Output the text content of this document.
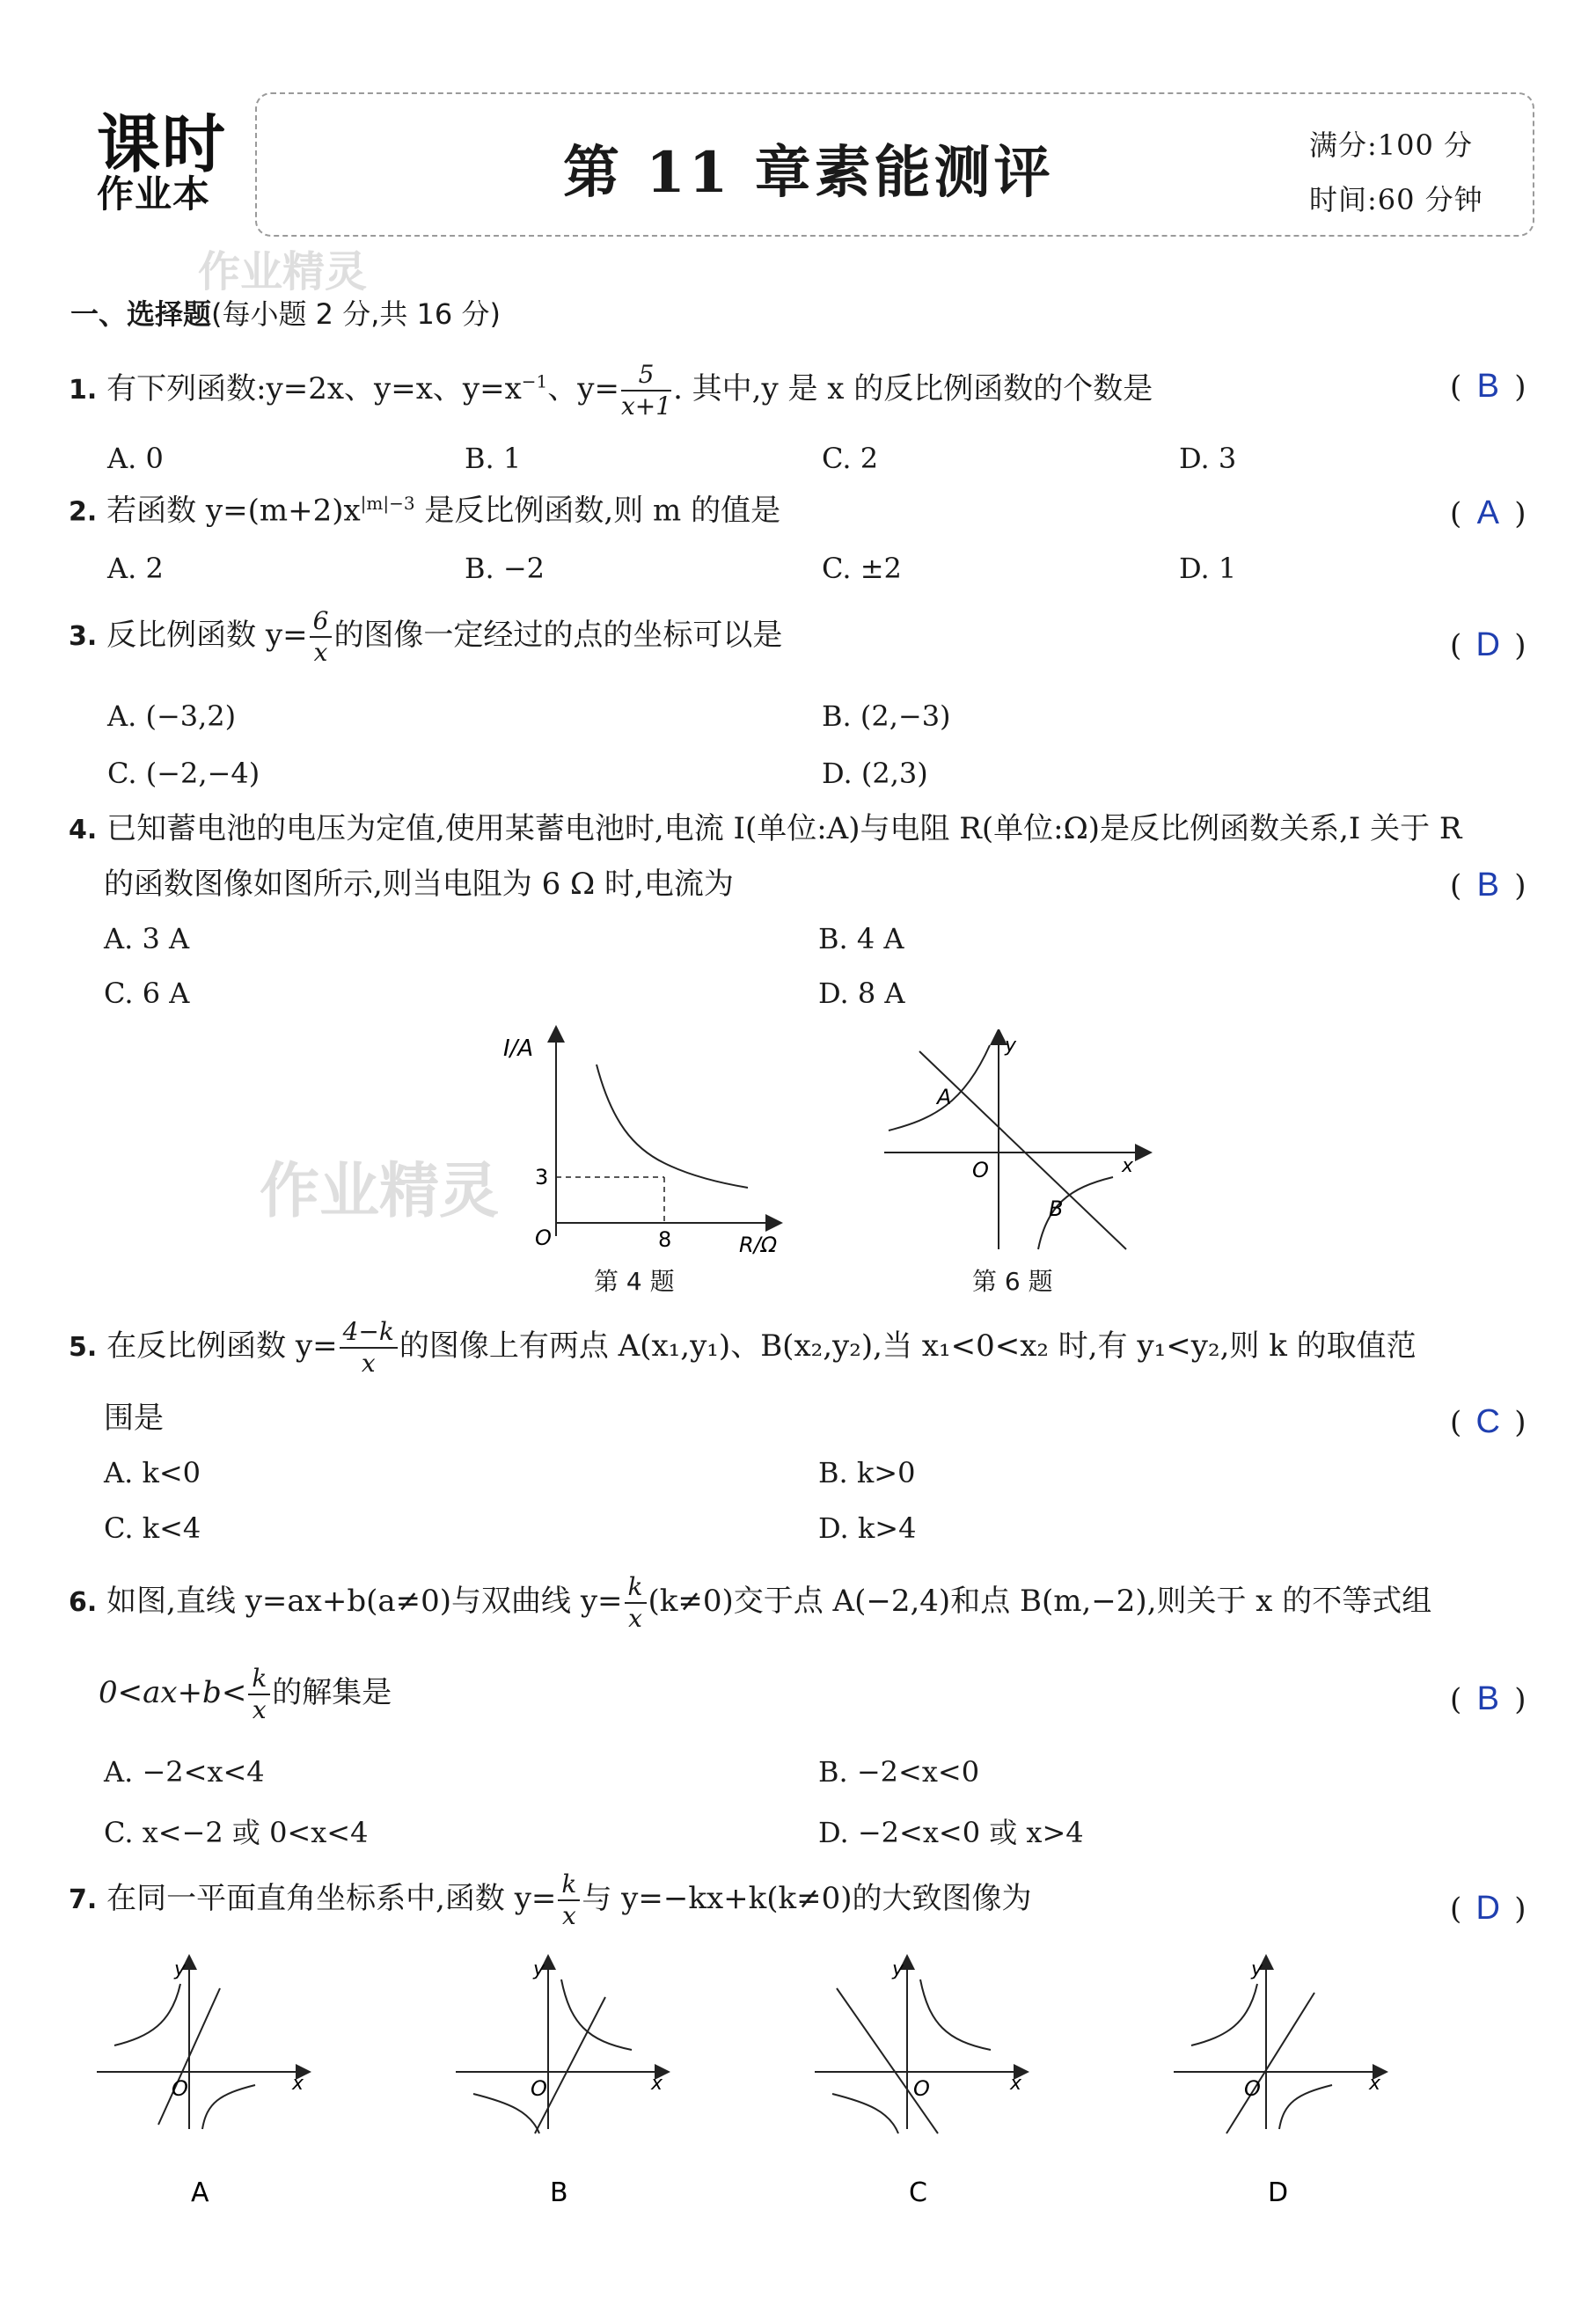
课时
作业本
作业精灵
作业精灵
第 11 章素能测评	满分:100 分
时间:60 分钟
一、选择题(每小题 2 分,共 16 分)
1. 有下列函数:y=2x、y=x、$y=x^{-1}$、$y= \frac{5}{x+1}$ . 其中,y 是 x 的反比例函数的个数是	( B )
A. 0	B. 1	C. 2	D. 3
2. 若函数 $y=(m+2)x^{|m|-3}$ 是反比例函数,则 m 的值是	( A )
A. 2	B. −2	C. ±2	D. 1
3. 反比例函数 $y= \frac{6}{x}$ 的图像一定经过的点的坐标可以是	( D )
A. (−3,2)	B. (2,−3)
C. (−2,−4)	D. (2,3)
4. 已知蓄电池的电压为定值,使用某蓄电池时,电流 I(单位:A)与电阻 R(单位:Ω)是反比例函数关系,I 关于 R
的函数图像如图所示,则当电阻为 6 Ω 时,电流为	( B )
A. 3 A	B. 4 A
C. 6 A	D. 8 A
I/A
R/Ω
O
3
8
第 4 题
y
x
O
A
B
第 6 题
5. 在反比例函数 $y= \frac{4-k}{x}$ 的图像上有两点 A(x₁,y₁)、B(x₂,y₂),当 x₁<0<x₂ 时,有 y₁<y₂,则 k 的取值范
围是	( C )
A. k<0	B. k>0
C. k<4	D. k>4
6. 如图,直线 y=ax+b(a≠0)与双曲线 $y= \frac{k}{x} (k\ne 0)$交于点 A(−2,4)和点 B(m,−2),则关于 x 的不等式组
$0<ax+b< \frac{k}{x}$ 的解集是	( B )
A. −2<x<4	B. −2<x<0
C. x<−2 或 0<x<4	D. −2<x<0 或 x>4
7. 在同一平面直角坐标系中,函数 $y= \frac{k}{x}$ 与 y=−kx+k(k≠0)的大致图像为	( D )
y
x
O
y
x
O
y
x
O
y
x
O
A	B	C	D
